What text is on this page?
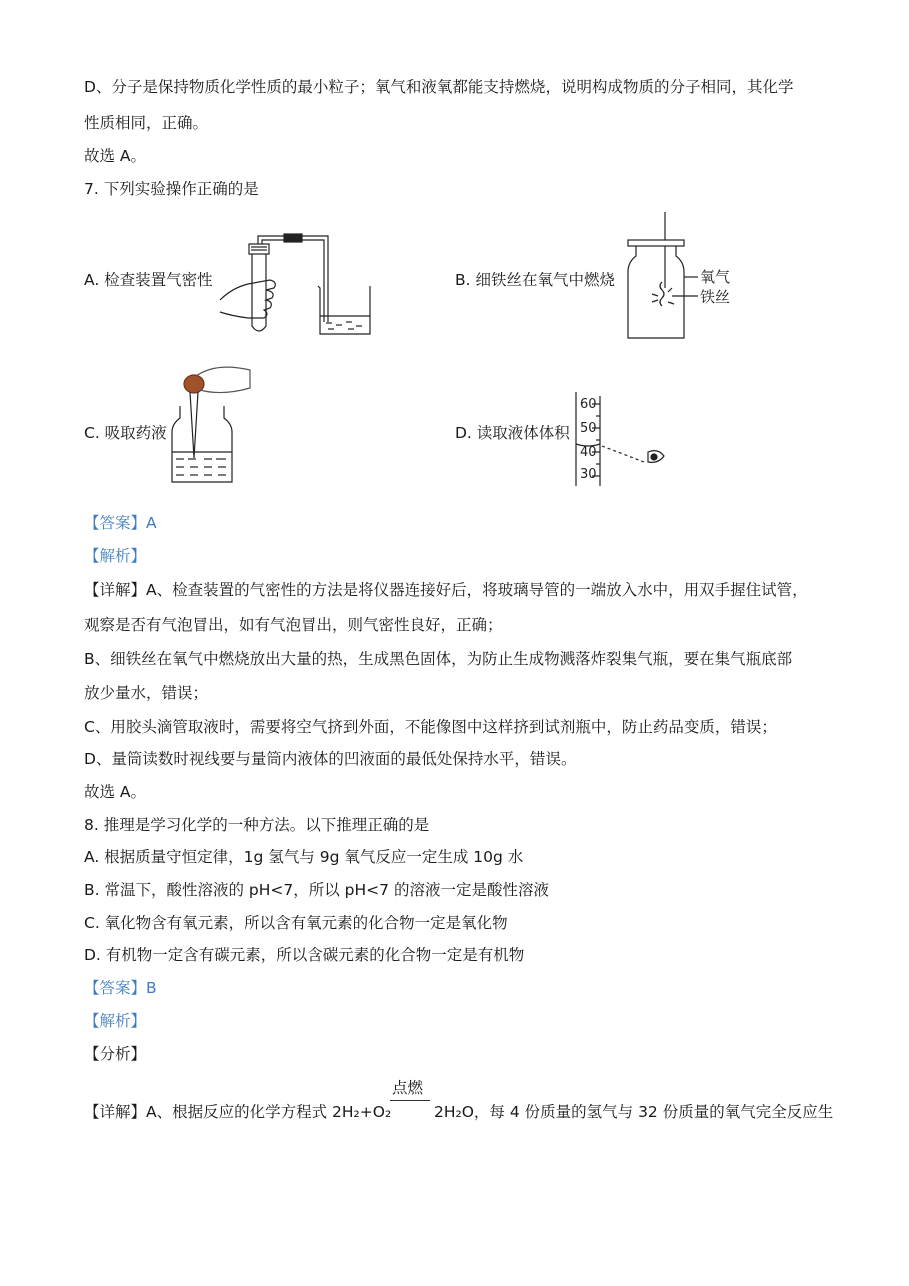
D、分子是保持物质化学性质的最小粒子；氧气和液氧都能支持燃烧，说明构成物质的分子相同，其化学
性质相同，正确。
故选 A。
7. 下列实验操作正确的是
A. 检查装置气密性	B. 细铁丝在氧气中燃烧
C. 吸取药液	D. 读取液体体积
氧气
铁丝
60
50
40
30
【答案】A
【解析】
【详解】A、检查装置的气密性的方法是将仪器连接好后，将玻璃导管的一端放入水中，用双手握住试管，
观察是否有气泡冒出，如有气泡冒出，则气密性良好，正确；
B、细铁丝在氧气中燃烧放出大量的热，生成黑色固体，为防止生成物溅落炸裂集气瓶，要在集气瓶底部
放少量水，错误；
C、用胶头滴管取液时，需要将空气挤到外面，不能像图中这样挤到试剂瓶中，防止药品变质，错误；
D、量筒读数时视线要与量筒内液体的凹液面的最低处保持水平，错误。
故选 A。
8. 推理是学习化学的一种方法。以下推理正确的是
A. 根据质量守恒定律，1g 氢气与 9g 氧气反应一定生成 10g 水
B. 常温下，酸性溶液的 pH<7，所以 pH<7 的溶液一定是酸性溶液
C. 氧化物含有氧元素，所以含有氧元素的化合物一定是氧化物
D. 有机物一定含有碳元素，所以含碳元素的化合物一定是有机物
【答案】B
【解析】
【分析】
点燃
【详解】A、根据反应的化学方程式 2H₂+O₂	2H₂O，每 4 份质量的氢气与 32 份质量的氧气完全反应生
